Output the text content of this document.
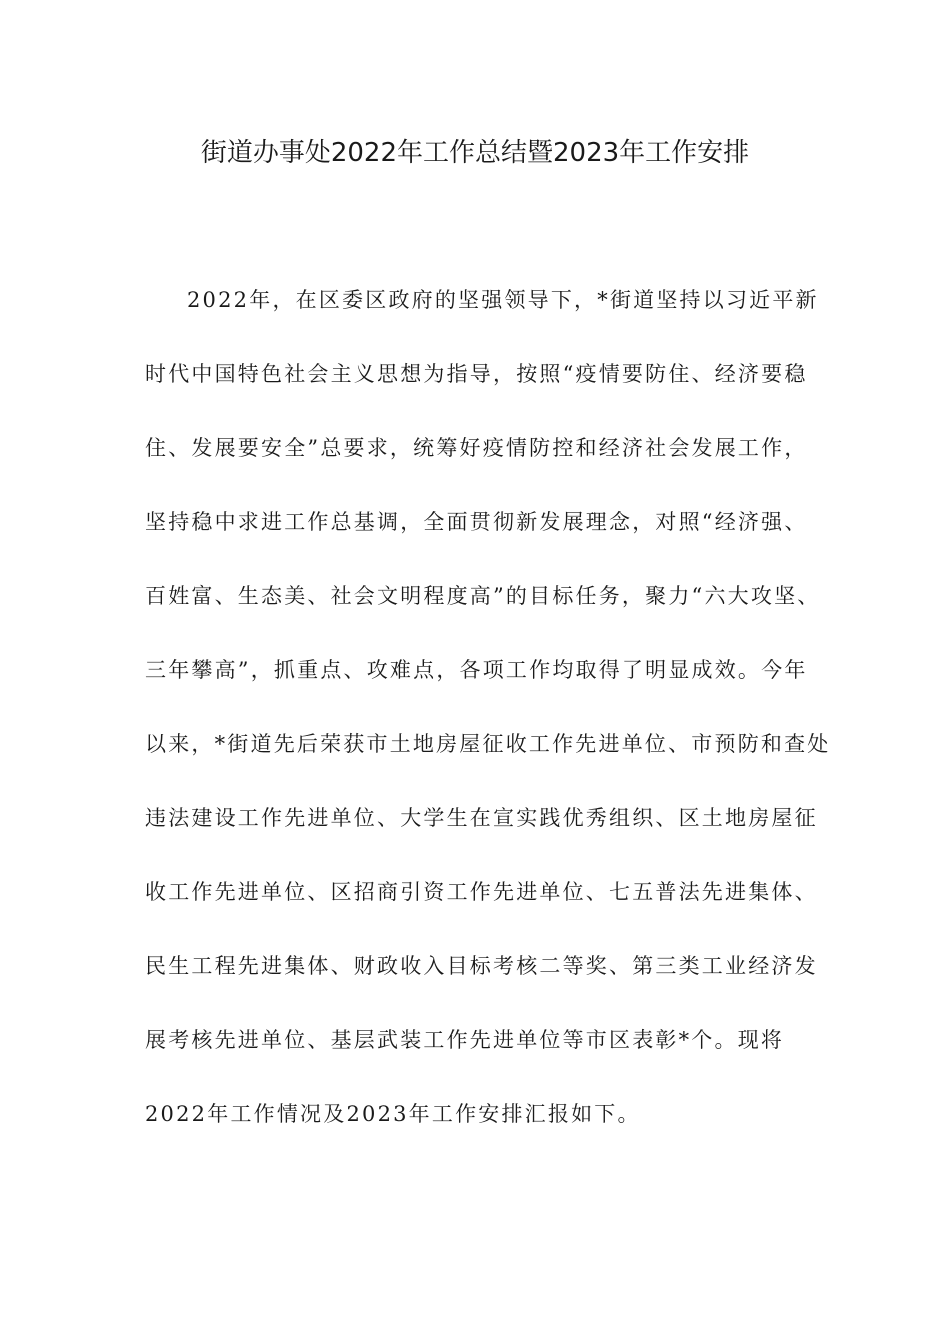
街道办事处2022年工作总结暨2023年工作安排
2022年，在区委区政府的坚强领导下，*街道坚持以习近平新
时代中国特色社会主义思想为指导，按照“疫情要防住、经济要稳
住、发展要安全”总要求，统筹好疫情防控和经济社会发展工作，
坚持稳中求进工作总基调，全面贯彻新发展理念，对照“经济强、
百姓富、生态美、社会文明程度高”的目标任务，聚力“六大攻坚、
三年攀高”，抓重点、攻难点，各项工作均取得了明显成效。今年
以来，*街道先后荣获市土地房屋征收工作先进单位、市预防和查处
违法建设工作先进单位、大学生在宣实践优秀组织、区土地房屋征
收工作先进单位、区招商引资工作先进单位、七五普法先进集体、
民生工程先进集体、财政收入目标考核二等奖、第三类工业经济发
展考核先进单位、基层武装工作先进单位等市区表彰*个。现将
2022年工作情况及2023年工作安排汇报如下。
